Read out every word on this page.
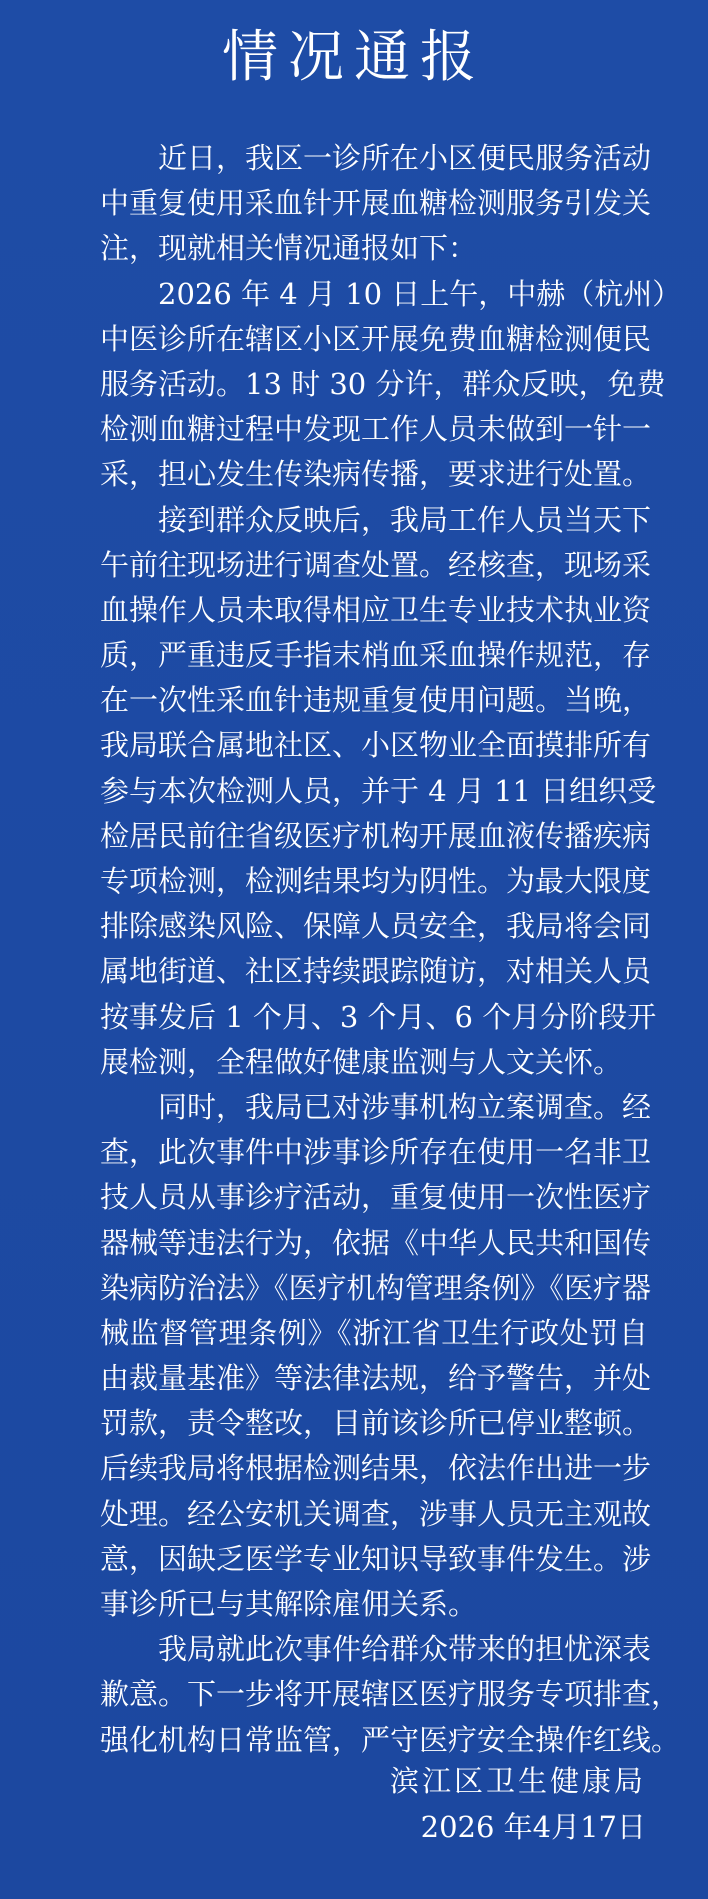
情况通报
近日，我区一诊所在小区便民服务活动
中重复使用采血针开展血糖检测服务引发关
注，现就相关情况通报如下：
2026 年 4 月 10 日上午，中赫（杭州）
中医诊所在辖区小区开展免费血糖检测便民
服务活动。13 时 30 分许，群众反映，免费
检测血糖过程中发现工作人员未做到一针一
采，担心发生传染病传播，要求进行处置。
接到群众反映后，我局工作人员当天下
午前往现场进行调查处置。经核查，现场采
血操作人员未取得相应卫生专业技术执业资
质，严重违反手指末梢血采血操作规范，存
在一次性采血针违规重复使用问题。当晚，
我局联合属地社区、小区物业全面摸排所有
参与本次检测人员，并于 4 月 11 日组织受
检居民前往省级医疗机构开展血液传播疾病
专项检测，检测结果均为阴性。为最大限度
排除感染风险、保障人员安全，我局将会同
属地街道、社区持续跟踪随访，对相关人员
按事发后 1 个月、3 个月、6 个月分阶段开
展检测，全程做好健康监测与人文关怀。
同时，我局已对涉事机构立案调查。经
查，此次事件中涉事诊所存在使用一名非卫
技人员从事诊疗活动，重复使用一次性医疗
器械等违法行为，依据《中华人民共和国传
染病防治法》《医疗机构管理条例》《医疗器
械监督管理条例》《浙江省卫生行政处罚自
由裁量基准》等法律法规，给予警告，并处
罚款，责令整改，目前该诊所已停业整顿。
后续我局将根据检测结果，依法作出进一步
处理。经公安机关调查，涉事人员无主观故
意，因缺乏医学专业知识导致事件发生。涉
事诊所已与其解除雇佣关系。
我局就此次事件给群众带来的担忧深表
歉意。下一步将开展辖区医疗服务专项排查，
强化机构日常监管，严守医疗安全操作红线。
滨江区卫生健康局
2026 年4月17日
